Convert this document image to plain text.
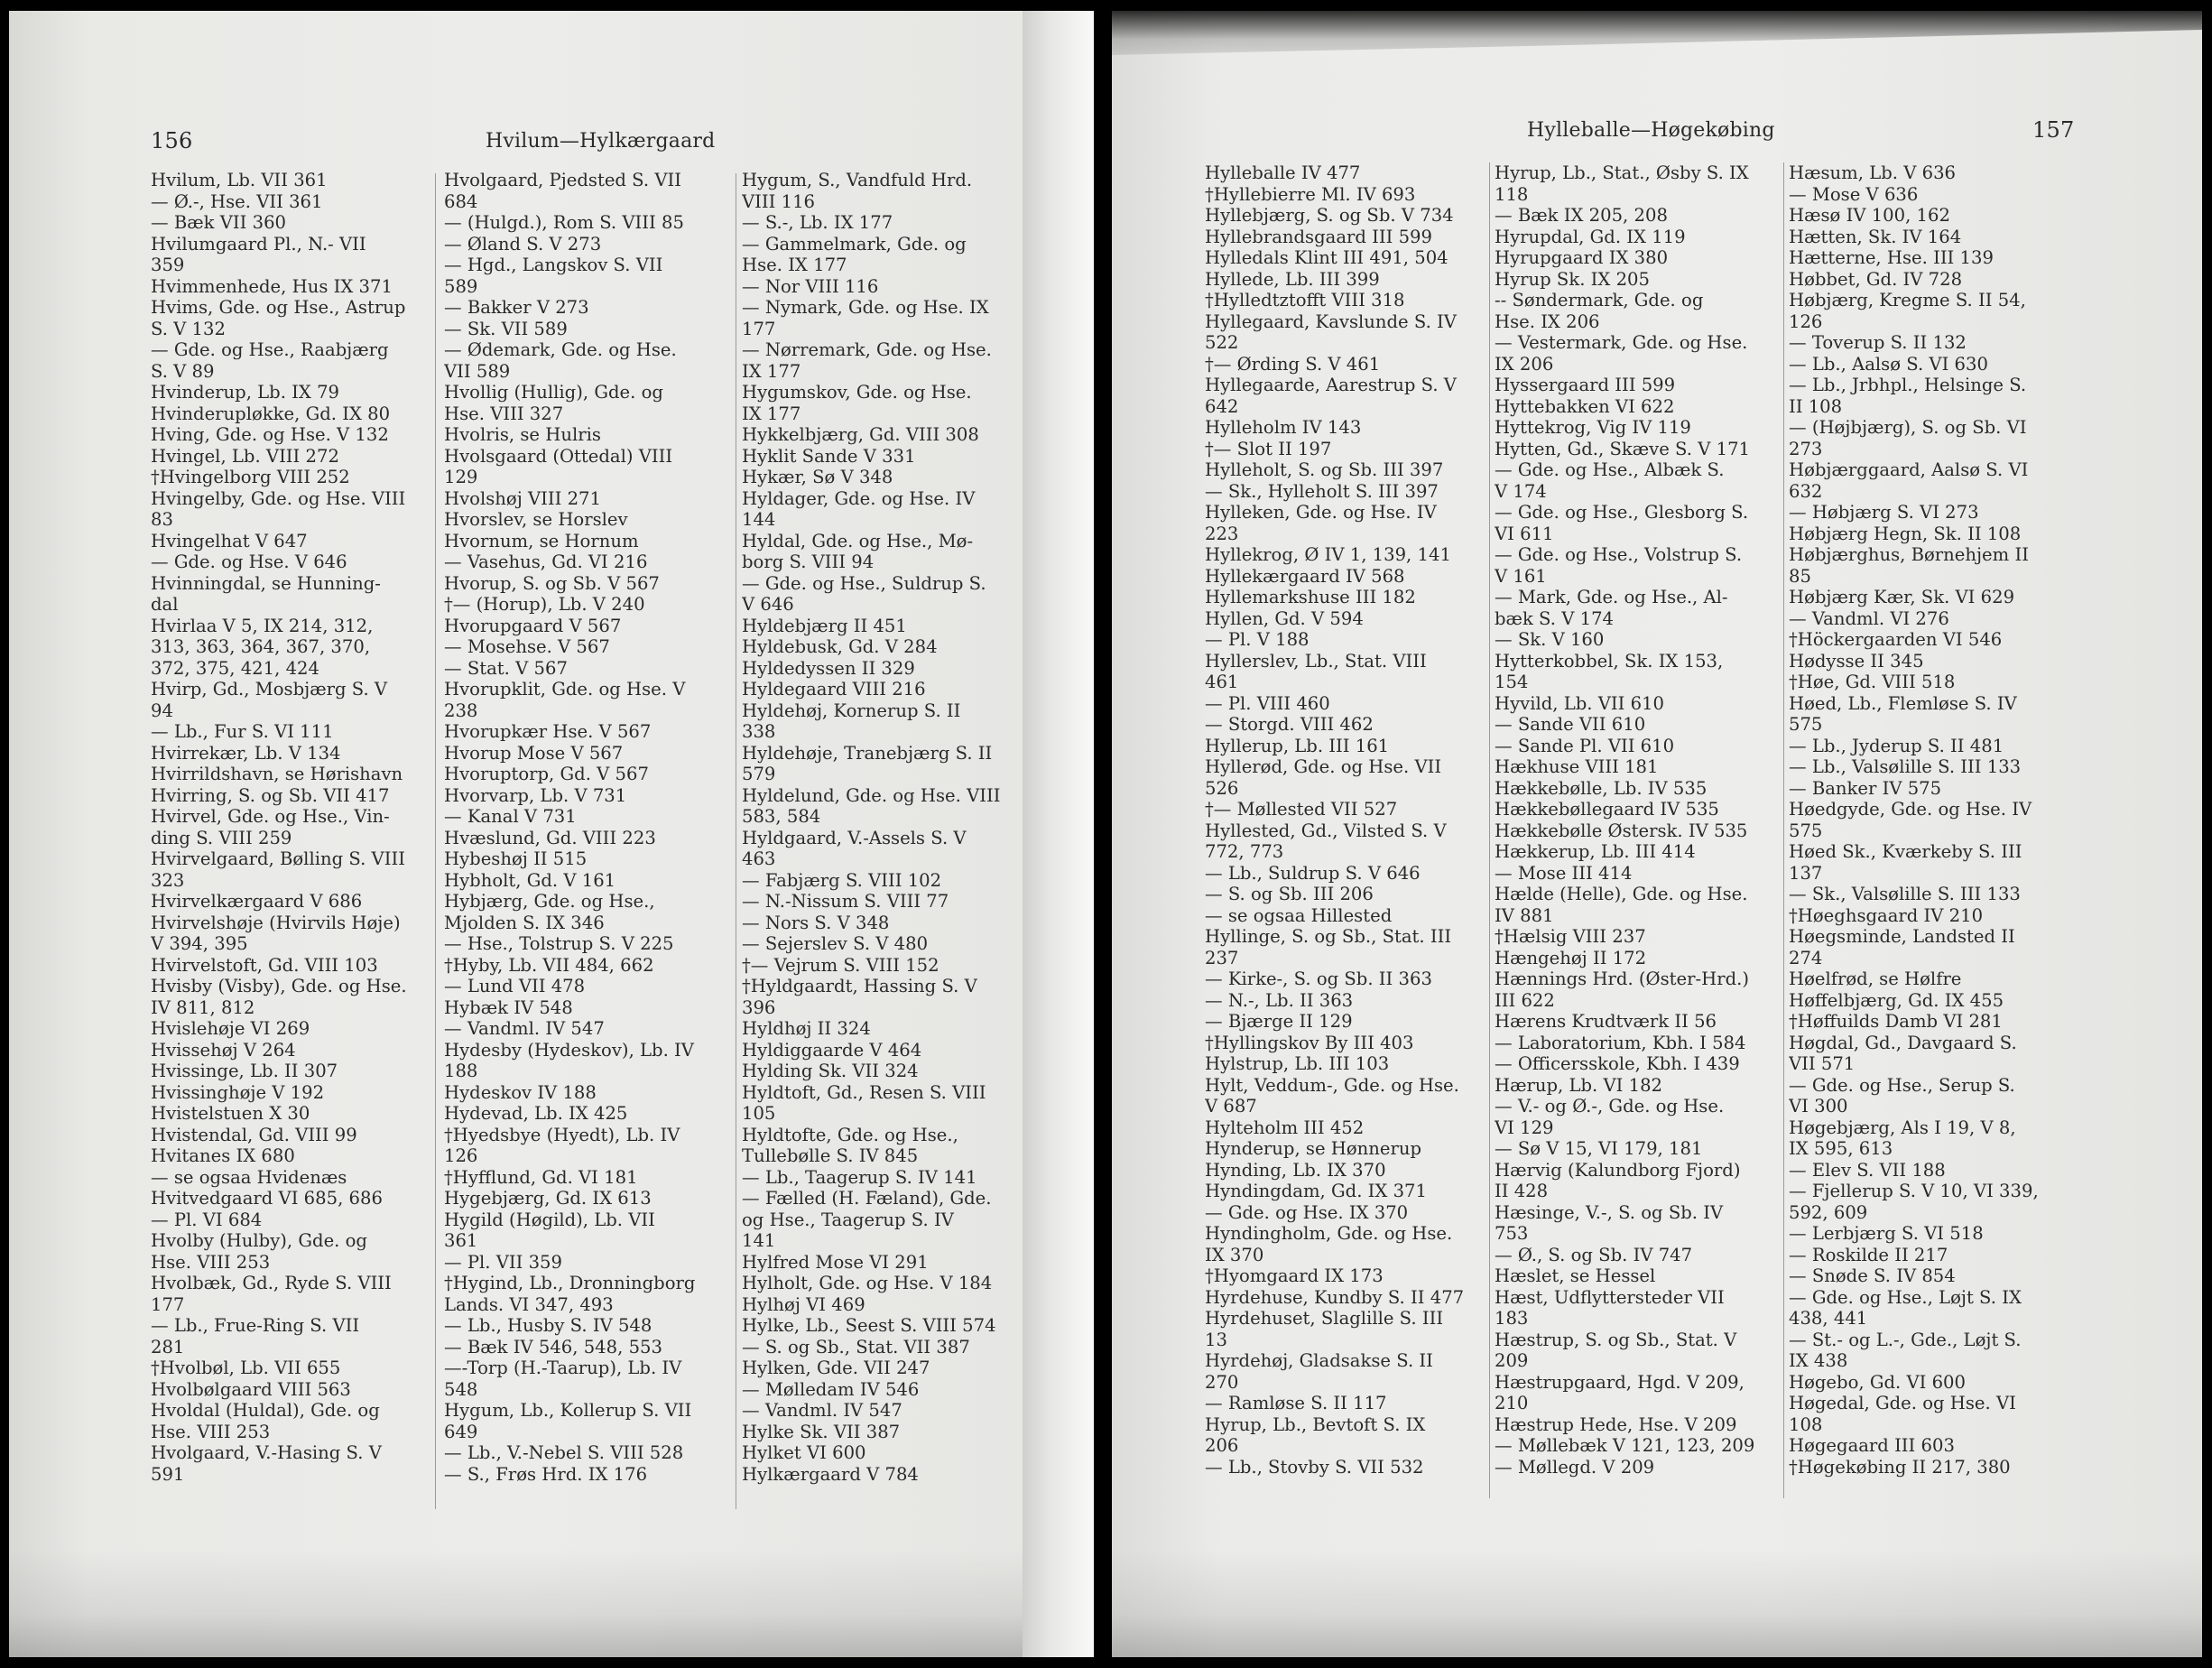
156	Hvilum—Hylkærgaard
Hvilum, Lb. VII 361
— Ø.-, Hse. VII 361
— Bæk VII 360
Hvilumgaard Pl., N.- VII
359
Hvimmenhede, Hus IX 371
Hvims, Gde. og Hse., Astrup
S. V 132
— Gde. og Hse., Raabjærg
S. V 89
Hvinderup, Lb. IX 79
Hvinderupløkke, Gd. IX 80
Hving, Gde. og Hse. V 132
Hvingel, Lb. VIII 272
†Hvingelborg VIII 252
Hvingelby, Gde. og Hse. VIII
83
Hvingelhat V 647
— Gde. og Hse. V 646
Hvinningdal, se Hunning-
dal
Hvirlaa V 5, IX 214, 312,
313, 363, 364, 367, 370,
372, 375, 421, 424
Hvirp, Gd., Mosbjærg S. V
94
— Lb., Fur S. VI 111
Hvirrekær, Lb. V 134
Hvirrildshavn, se Hørishavn
Hvirring, S. og Sb. VII 417
Hvirvel, Gde. og Hse., Vin-
ding S. VIII 259
Hvirvelgaard, Bølling S. VIII
323
Hvirvelkærgaard V 686
Hvirvelshøje (Hvirvils Høje)
V 394, 395
Hvirvelstoft, Gd. VIII 103
Hvisby (Visby), Gde. og Hse.
IV 811, 812
Hvislehøje VI 269
Hvissehøj V 264
Hvissinge, Lb. II 307
Hvissinghøje V 192
Hvistelstuen X 30
Hvistendal, Gd. VIII 99
Hvitanes IX 680
— se ogsaa Hvidenæs
Hvitvedgaard VI 685, 686
— Pl. VI 684
Hvolby (Hulby), Gde. og
Hse. VIII 253
Hvolbæk, Gd., Ryde S. VIII
177
— Lb., Frue-Ring S. VII
281
†Hvolbøl, Lb. VII 655
Hvolbølgaard VIII 563
Hvoldal (Huldal), Gde. og
Hse. VIII 253
Hvolgaard, V.-Hasing S. V
591
Hvolgaard, Pjedsted S. VII
684
— (Hulgd.), Rom S. VIII 85
— Øland S. V 273
— Hgd., Langskov S. VII
589
— Bakker V 273
— Sk. VII 589
— Ødemark, Gde. og Hse.
VII 589
Hvollig (Hullig), Gde. og
Hse. VIII 327
Hvolris, se Hulris
Hvolsgaard (Ottedal) VIII
129
Hvolshøj VIII 271
Hvorslev, se Horslev
Hvornum, se Hornum
— Vasehus, Gd. VI 216
Hvorup, S. og Sb. V 567
†— (Horup), Lb. V 240
Hvorupgaard V 567
— Mosehse. V 567
— Stat. V 567
Hvorupklit, Gde. og Hse. V
238
Hvorupkær Hse. V 567
Hvorup Mose V 567
Hvoruptorp, Gd. V 567
Hvorvarp, Lb. V 731
— Kanal V 731
Hvæslund, Gd. VIII 223
Hybeshøj II 515
Hybholt, Gd. V 161
Hybjærg, Gde. og Hse.,
Mjolden S. IX 346
— Hse., Tolstrup S. V 225
†Hyby, Lb. VII 484, 662
— Lund VII 478
Hybæk IV 548
— Vandml. IV 547
Hydesby (Hydeskov), Lb. IV
188
Hydeskov IV 188
Hydevad, Lb. IX 425
†Hyedsbye (Hyedt), Lb. IV
126
†Hyfflund, Gd. VI 181
Hygebjærg, Gd. IX 613
Hygild (Høgild), Lb. VII
361
— Pl. VII 359
†Hygind, Lb., Dronningborg
Lands. VI 347, 493
— Lb., Husby S. IV 548
— Bæk IV 546, 548, 553
—-Torp (H.-Taarup), Lb. IV
548
Hygum, Lb., Kollerup S. VII
649
— Lb., V.-Nebel S. VIII 528
— S., Frøs Hrd. IX 176
Hygum, S., Vandfuld Hrd.
VIII 116
— S.-, Lb. IX 177
— Gammelmark, Gde. og
Hse. IX 177
— Nor VIII 116
— Nymark, Gde. og Hse. IX
177
— Nørremark, Gde. og Hse.
IX 177
Hygumskov, Gde. og Hse.
IX 177
Hykkelbjærg, Gd. VIII 308
Hyklit Sande V 331
Hykær, Sø V 348
Hyldager, Gde. og Hse. IV
144
Hyldal, Gde. og Hse., Mø-
borg S. VIII 94
— Gde. og Hse., Suldrup S.
V 646
Hyldebjærg II 451
Hyldebusk, Gd. V 284
Hyldedyssen II 329
Hyldegaard VIII 216
Hyldehøj, Kornerup S. II
338
Hyldehøje, Tranebjærg S. II
579
Hyldelund, Gde. og Hse. VIII
583, 584
Hyldgaard, V.-Assels S. V
463
— Fabjærg S. VIII 102
— N.-Nissum S. VIII 77
— Nors S. V 348
— Sejerslev S. V 480
†— Vejrum S. VIII 152
†Hyldgaardt, Hassing S. V
396
Hyldhøj II 324
Hyldiggaarde V 464
Hylding Sk. VII 324
Hyldtoft, Gd., Resen S. VIII
105
Hyldtofte, Gde. og Hse.,
Tullebølle S. IV 845
— Lb., Taagerup S. IV 141
— Fælled (H. Fæland), Gde.
og Hse., Taagerup S. IV
141
Hylfred Mose VI 291
Hylholt, Gde. og Hse. V 184
Hylhøj VI 469
Hylke, Lb., Seest S. VIII 574
— S. og Sb., Stat. VII 387
Hylken, Gde. VII 247
— Mølledam IV 546
— Vandml. IV 547
Hylke Sk. VII 387
Hylket VI 600
Hylkærgaard V 784
Hylleballe—Høgekøbing	157
Hylleballe IV 477
†Hyllebierre Ml. IV 693
Hyllebjærg, S. og Sb. V 734
Hyllebrandsgaard III 599
Hylledals Klint III 491, 504
Hyllede, Lb. III 399
†Hylledtztofft VIII 318
Hyllegaard, Kavslunde S. IV
522
†— Ørding S. V 461
Hyllegaarde, Aarestrup S. V
642
Hylleholm IV 143
†— Slot II 197
Hylleholt, S. og Sb. III 397
— Sk., Hylleholt S. III 397
Hylleken, Gde. og Hse. IV
223
Hyllekrog, Ø IV 1, 139, 141
Hyllekærgaard IV 568
Hyllemarkshuse III 182
Hyllen, Gd. V 594
— Pl. V 188
Hyllerslev, Lb., Stat. VIII
461
— Pl. VIII 460
— Storgd. VIII 462
Hyllerup, Lb. III 161
Hyllerød, Gde. og Hse. VII
526
†— Møllested VII 527
Hyllested, Gd., Vilsted S. V
772, 773
— Lb., Suldrup S. V 646
— S. og Sb. III 206
— se ogsaa Hillested
Hyllinge, S. og Sb., Stat. III
237
— Kirke-, S. og Sb. II 363
— N.-, Lb. II 363
— Bjærge II 129
†Hyllingskov By III 403
Hylstrup, Lb. III 103
Hylt, Veddum-, Gde. og Hse.
V 687
Hylteholm III 452
Hynderup, se Hønnerup
Hynding, Lb. IX 370
Hyndingdam, Gd. IX 371
— Gde. og Hse. IX 370
Hyndingholm, Gde. og Hse.
IX 370
†Hyomgaard IX 173
Hyrdehuse, Kundby S. II 477
Hyrdehuset, Slaglille S. III
13
Hyrdehøj, Gladsakse S. II
270
— Ramløse S. II 117
Hyrup, Lb., Bevtoft S. IX
206
— Lb., Stovby S. VII 532
Hyrup, Lb., Stat., Øsby S. IX
118
— Bæk IX 205, 208
Hyrupdal, Gd. IX 119
Hyrupgaard IX 380
Hyrup Sk. IX 205
-- Søndermark, Gde. og
Hse. IX 206
— Vestermark, Gde. og Hse.
IX 206
Hyssergaard III 599
Hyttebakken VI 622
Hyttekrog, Vig IV 119
Hytten, Gd., Skæve S. V 171
— Gde. og Hse., Albæk S.
V 174
— Gde. og Hse., Glesborg S.
VI 611
— Gde. og Hse., Volstrup S.
V 161
— Mark, Gde. og Hse., Al-
bæk S. V 174
— Sk. V 160
Hytterkobbel, Sk. IX 153,
154
Hyvild, Lb. VII 610
— Sande VII 610
— Sande Pl. VII 610
Hækhuse VIII 181
Hækkebølle, Lb. IV 535
Hækkebøllegaard IV 535
Hækkebølle Østersk. IV 535
Hækkerup, Lb. III 414
— Mose III 414
Hælde (Helle), Gde. og Hse.
IV 881
†Hælsig VIII 237
Hængehøj II 172
Hænnings Hrd. (Øster-Hrd.)
III 622
Hærens Krudtværk II 56
— Laboratorium, Kbh. I 584
— Officersskole, Kbh. I 439
Hærup, Lb. VI 182
— V.- og Ø.-, Gde. og Hse.
VI 129
— Sø V 15, VI 179, 181
Hærvig (Kalundborg Fjord)
II 428
Hæsinge, V.-, S. og Sb. IV
753
— Ø., S. og Sb. IV 747
Hæslet, se Hessel
Hæst, Udflyttersteder VII
183
Hæstrup, S. og Sb., Stat. V
209
Hæstrupgaard, Hgd. V 209,
210
Hæstrup Hede, Hse. V 209
— Møllebæk V 121, 123, 209
— Møllegd. V 209
Hæsum, Lb. V 636
— Mose V 636
Hæsø IV 100, 162
Hætten, Sk. IV 164
Hætterne, Hse. III 139
Høbbet, Gd. IV 728
Høbjærg, Kregme S. II 54,
126
— Toverup S. II 132
— Lb., Aalsø S. VI 630
— Lb., Jrbhpl., Helsinge S.
II 108
— (Højbjærg), S. og Sb. VI
273
Høbjærggaard, Aalsø S. VI
632
— Høbjærg S. VI 273
Høbjærg Hegn, Sk. II 108
Høbjærghus, Børnehjem II
85
Høbjærg Kær, Sk. VI 629
— Vandml. VI 276
†Höckergaarden VI 546
Hødysse II 345
†Høe, Gd. VIII 518
Høed, Lb., Flemløse S. IV
575
— Lb., Jyderup S. II 481
— Lb., Valsølille S. III 133
— Banker IV 575
Høedgyde, Gde. og Hse. IV
575
Høed Sk., Kværkeby S. III
137
— Sk., Valsølille S. III 133
†Høeghsgaard IV 210
Høegsminde, Landsted II
274
Høelfrød, se Hølfre
Høffelbjærg, Gd. IX 455
†Høffuilds Damb VI 281
Høgdal, Gd., Davgaard S.
VII 571
— Gde. og Hse., Serup S.
VI 300
Høgebjærg, Als I 19, V 8,
IX 595, 613
— Elev S. VII 188
— Fjellerup S. V 10, VI 339,
592, 609
— Lerbjærg S. VI 518
— Roskilde II 217
— Snøde S. IV 854
— Gde. og Hse., Løjt S. IX
438, 441
— St.- og L.-, Gde., Løjt S.
IX 438
Høgebo, Gd. VI 600
Høgedal, Gde. og Hse. VI
108
Høgegaard III 603
†Høgekøbing II 217, 380
